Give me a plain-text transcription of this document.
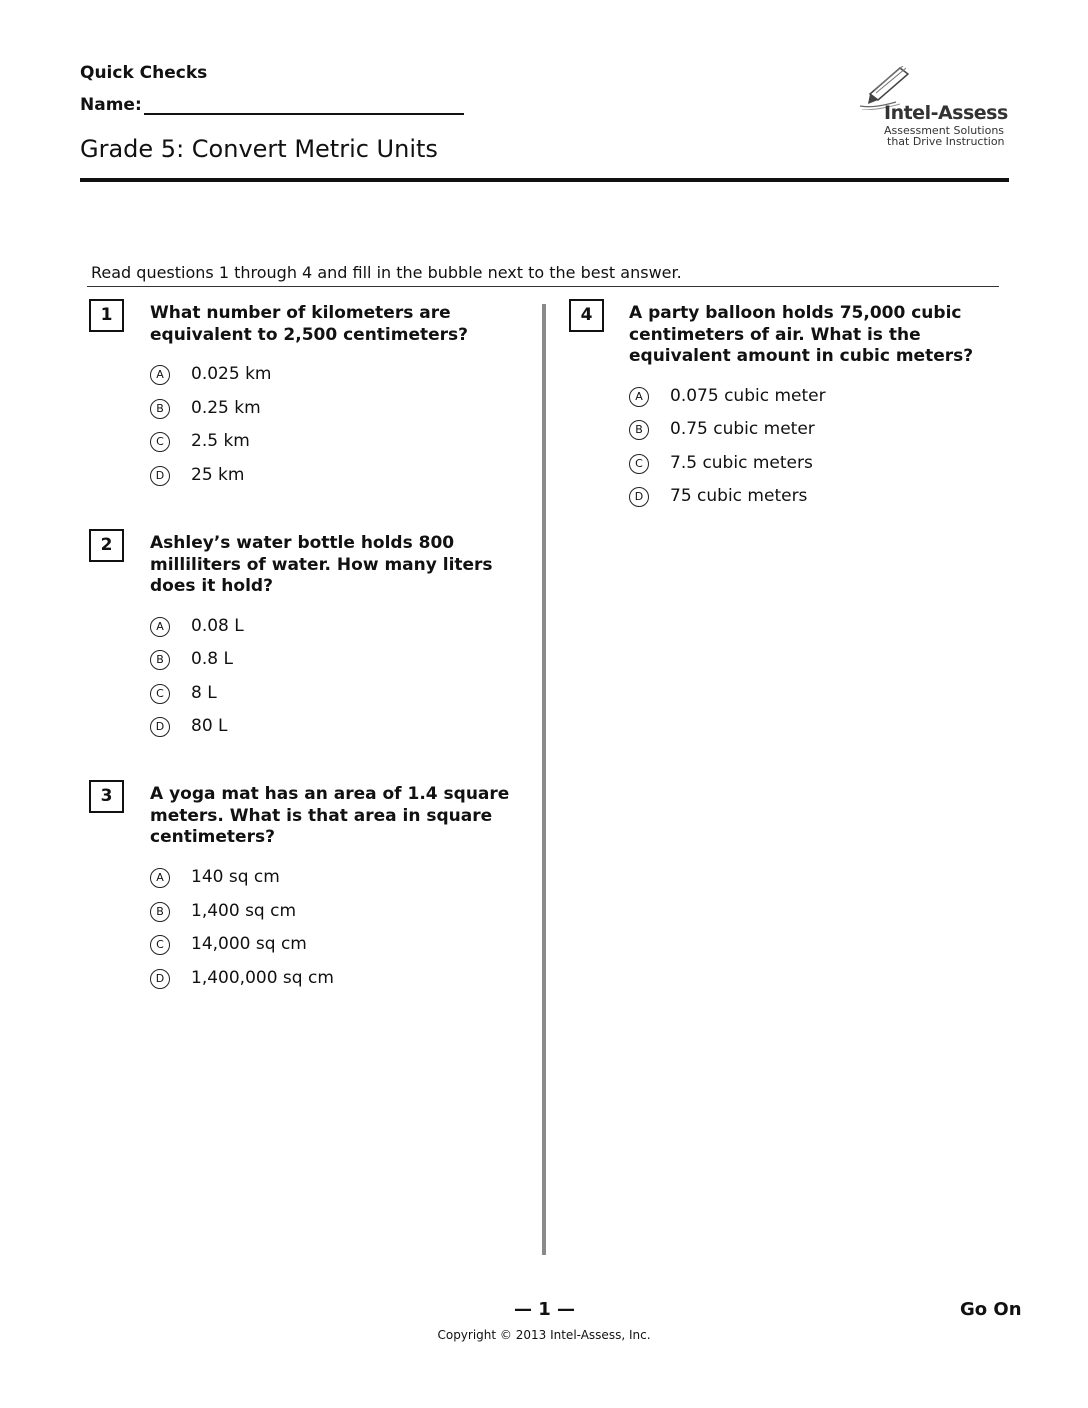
Quick Checks
Name:
Grade 5: Convert Metric Units
Intel-Assess
Assessment Solutions
that Drive Instruction
Read questions 1 through 4 and fill in the bubble next to the best answer.
1	What number of kilometers are equivalent to 2,500 centimeters?
A	0.025 km
B	0.25 km
C	2.5 km
D	25 km
2	Ashley’s water bottle holds 800 milliliters of water. How many liters does it hold?
A	0.08 L
B	0.8 L
C	8 L
D	80 L
3	A yoga mat has an area of 1.4 square meters. What is that area in square centimeters?
A	140 sq cm
B	1,400 sq cm
C	14,000 sq cm
D	1,400,000 sq cm
4	A party balloon holds 75,000 cubic centimeters of air. What is the equivalent amount in cubic meters?
A	0.075 cubic meter
B	0.75 cubic meter
C	7.5 cubic meters
D	75 cubic meters
— 1 —	Go On
Copyright © 2013 Intel-Assess, Inc.
